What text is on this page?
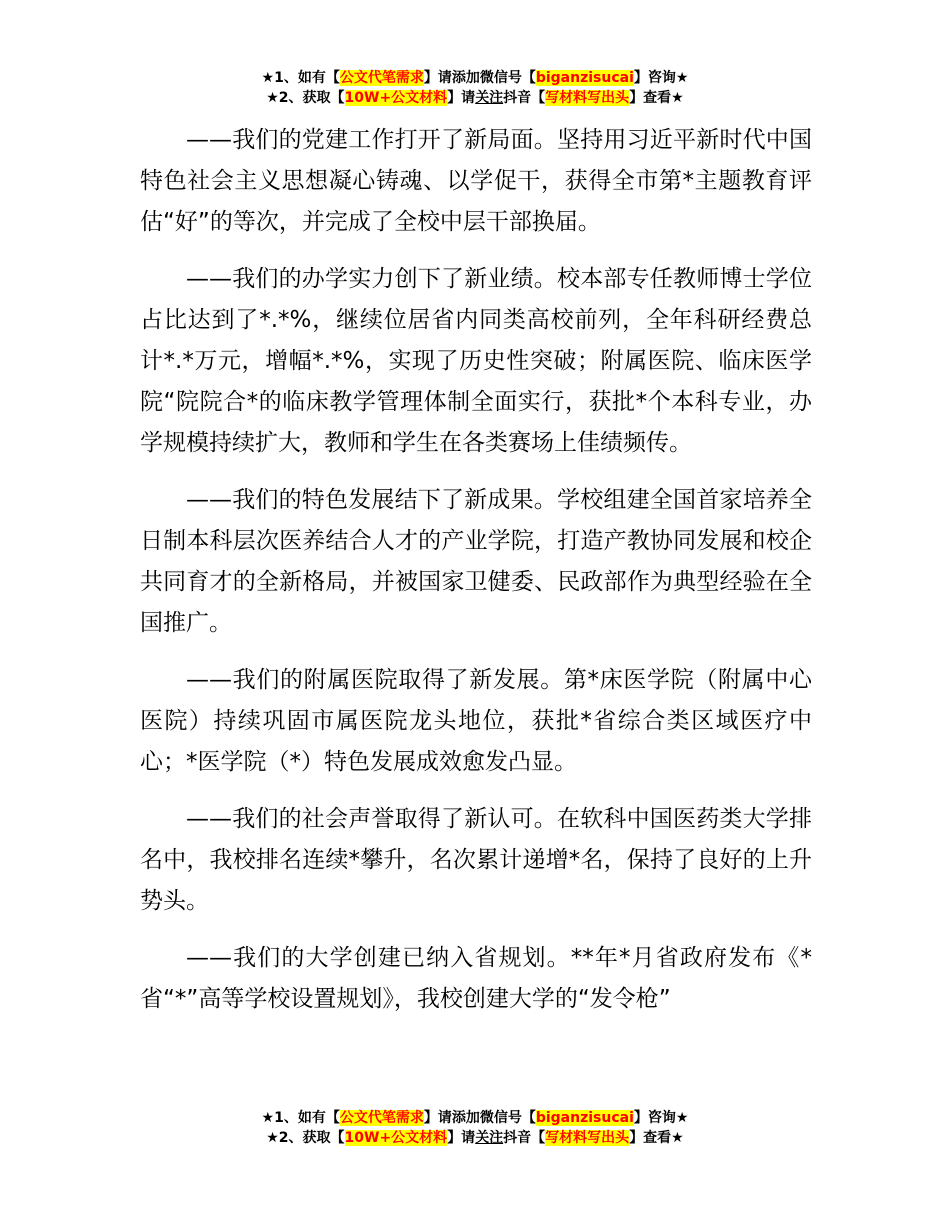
★1、如有【公文代笔需求】请添加微信号【biganzisucai】咨询★
★2、获取【10W+公文材料】请关注抖音【写材料写出头】查看★

——我们的党建工作打开了新局面。坚持用习近平新时代中国特色社会主义思想凝心铸魂、以学促干，获得全市第*主题教育评估“好”的等次，并完成了全校中层干部换届。

——我们的办学实力创下了新业绩。校本部专任教师博士学位占比达到了*.*%，继续位居省内同类高校前列，全年科研经费总计*.*万元，增幅*.*%，实现了历史性突破；附属医院、临床医学院“院院合*的临床教学管理体制全面实行，获批*个本科专业，办学规模持续扩大，教师和学生在各类赛场上佳绩频传。

——我们的特色发展结下了新成果。学校组建全国首家培养全日制本科层次医养结合人才的产业学院，打造产教协同发展和校企共同育才的全新格局，并被国家卫健委、民政部作为典型经验在全国推广。

——我们的附属医院取得了新发展。第*床医学院（附属中心医院）持续巩固市属医院龙头地位，获批*省综合类区域医疗中心；*医学院（*）特色发展成效愈发凸显。

——我们的社会声誉取得了新认可。在软科中国医药类大学排名中，我校排名连续*攀升，名次累计递增*名，保持了良好的上升势头。

——我们的大学创建已纳入省规划。**年*月省政府发布《*省“*”高等学校设置规划》，我校创建大学的“发令枪”

★1、如有【公文代笔需求】请添加微信号【biganzisucai】咨询★
★2、获取【10W+公文材料】请关注抖音【写材料写出头】查看★
